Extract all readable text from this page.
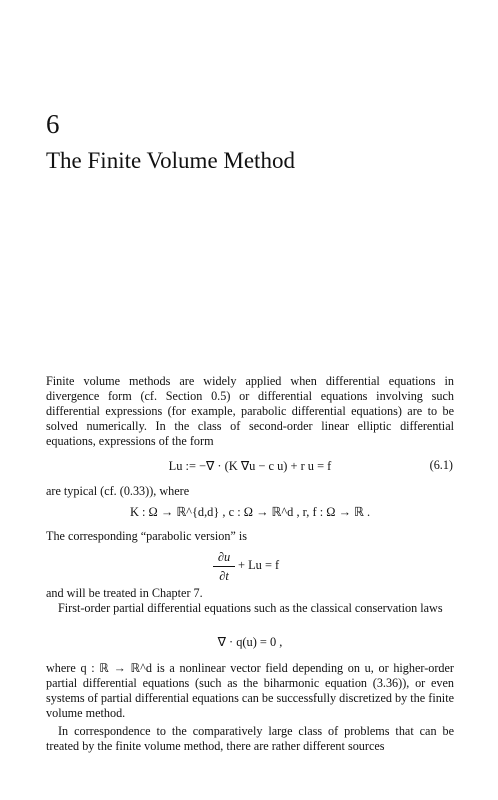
6
The Finite Volume Method

Finite volume methods are widely applied when differential equations in divergence form (cf. Section 0.5) or differential equations involving such differential expressions (for example, parabolic differential equations) are to be solved numerically. In the class of second-order linear elliptic differential equations, expressions of the form

Lu := −∇ · (K ∇u − c u) + r u = f	(6.1)

are typical (cf. (0.33)), where

K : Ω → ℝ^{d,d} , c : Ω → ℝ^d , r, f : Ω → ℝ .

The corresponding “parabolic version” is

∂u
∂t
+ Lu = f

and will be treated in Chapter 7.

First-order partial differential equations such as the classical conservation laws

∇ · q(u) = 0 ,

where q : ℝ → ℝ^d is a nonlinear vector field depending on u, or higher-order partial differential equations (such as the biharmonic equation (3.36)), or even systems of partial differential equations can be successfully discretized by the finite volume method.

In correspondence to the comparatively large class of problems that can be treated by the finite volume method, there are rather different sources
